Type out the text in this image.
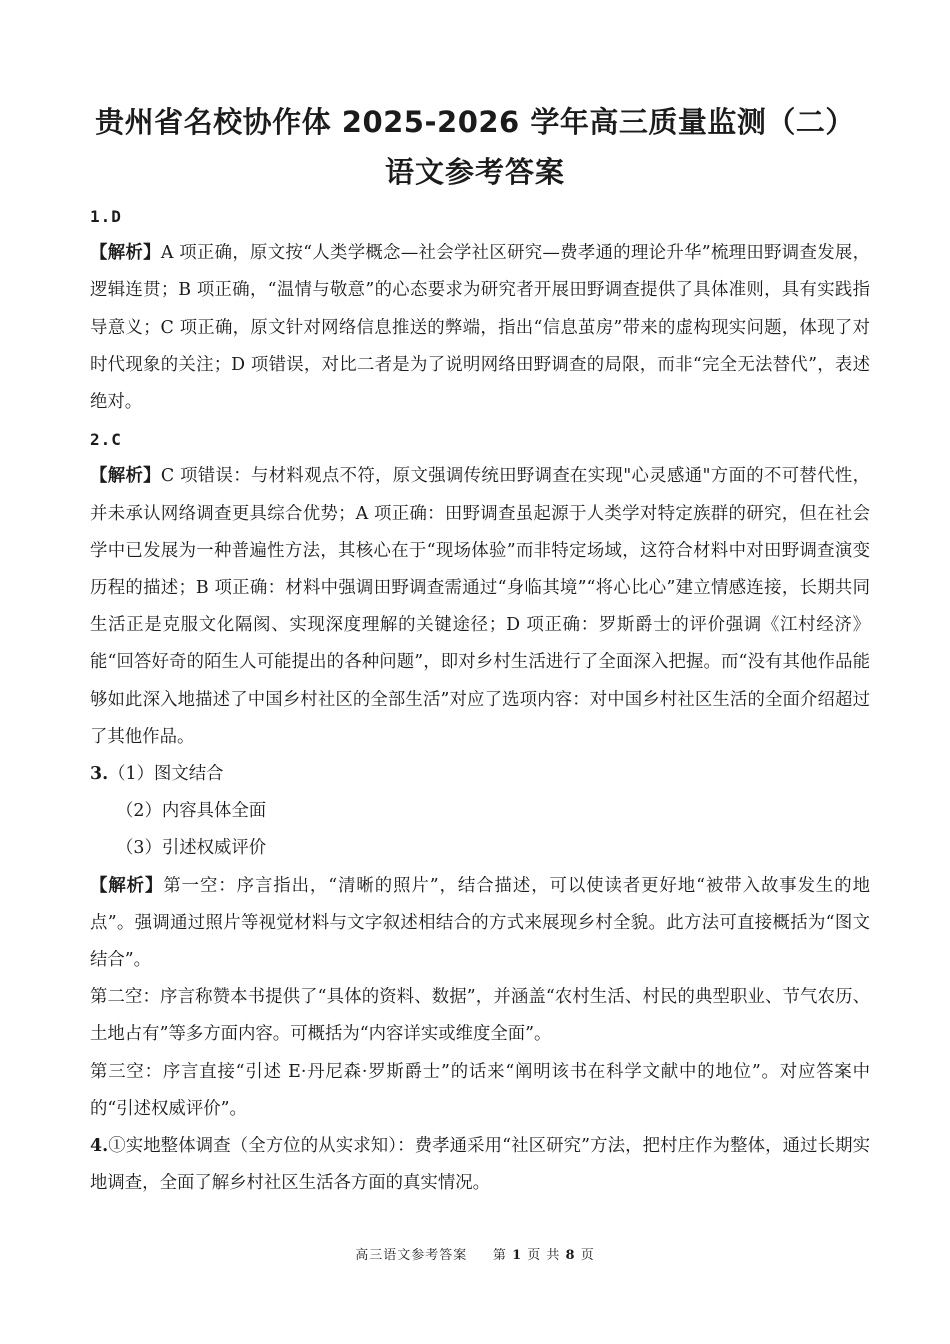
贵州省名校协作体 2025-2026 学年高三质量监测（二）
语文参考答案

1.D

【解析】A 项正确，原文按“人类学概念—社会学社区研究—费孝通的理论升华”梳理田野调查发展，逻辑连贯；B 项正确，“温情与敬意”的心态要求为研究者开展田野调查提供了具体准则，具有实践指导意义；C 项正确，原文针对网络信息推送的弊端，指出“信息茧房”带来的虚构现实问题，体现了对时代现象的关注；D 项错误，对比二者是为了说明网络田野调查的局限，而非“完全无法替代”，表述绝对。

2.C

【解析】C 项错误：与材料观点不符，原文强调传统田野调查在实现"心灵感通"方面的不可替代性，并未承认网络调查更具综合优势；A 项正确：田野调查虽起源于人类学对特定族群的研究，但在社会学中已发展为一种普遍性方法，其核心在于“现场体验”而非特定场域，这符合材料中对田野调查演变历程的描述；B 项正确：材料中强调田野调查需通过“身临其境”“将心比心”建立情感连接，长期共同生活正是克服文化隔阂、实现深度理解的关键途径；D 项正确：罗斯爵士的评价强调《江村经济》能“回答好奇的陌生人可能提出的各种问题”，即对乡村生活进行了全面深入把握。而“没有其他作品能够如此深入地描述了中国乡村社区的全部生活”对应了选项内容：对中国乡村社区生活的全面介绍超过了其他作品。

3.（1）图文结合

（2）内容具体全面

（3）引述权威评价

【解析】第一空：序言指出，“清晰的照片”，结合描述，可以使读者更好地“被带入故事发生的地点”。强调通过照片等视觉材料与文字叙述相结合的方式来展现乡村全貌。此方法可直接概括为“图文结合”。

第二空：序言称赞本书提供了“具体的资料、数据”，并涵盖“农村生活、村民的典型职业、节气农历、土地占有”等多方面内容。可概括为“内容详实或维度全面”。

第三空：序言直接“引述 E·丹尼森·罗斯爵士”的话来“阐明该书在科学文献中的地位”。对应答案中的“引述权威评价”。

4.①实地整体调查（全方位的从实求知）：费孝通采用“社区研究”方法，把村庄作为整体，通过长期实地调查，全面了解乡村社区生活各方面的真实情况。

高三语文参考答案 第 1 页 共 8 页
